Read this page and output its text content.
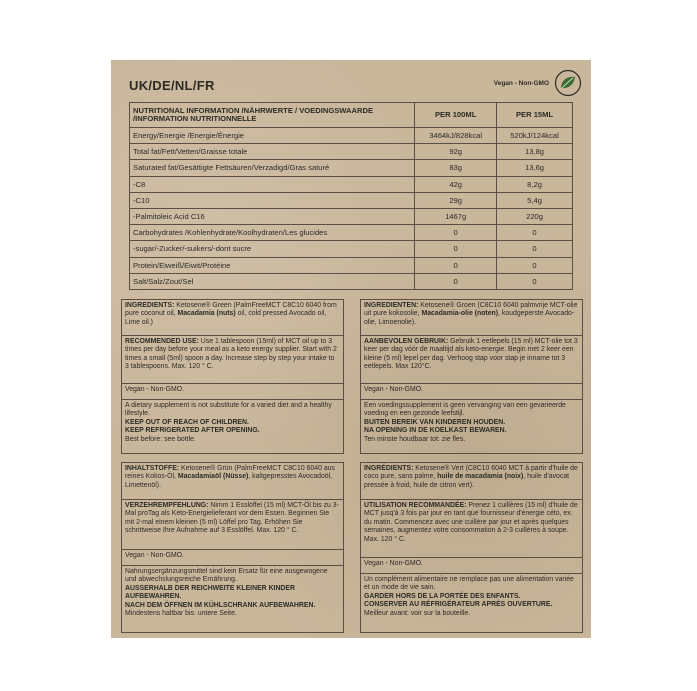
UK/DE/NL/FR	Vegan - Non-GMO
NUTRITIONAL INFORMATION /NÄHRWERTE / VOEDINGSWAARDE /INFORMATION NUTRITIONNELLE	PER 100ML	PER 15ML
Energy/Energie /Energie/Énergie	3464kJ/828kcal	520kJ/124kcal
Total fat/Fett/Vetten/Graisse totale	92g	13,8g
Saturated fat/Gesättigte Fettsäuren/Verzadigd/Gras saturé	83g	13,6g
-C8	42g	8,2g
-C10	29g	5,4g
-Palmitoleic Acid C16	1467g	220g
Carbohydrates /Kohlenhydrate/Koolhydraten/Les glucides	0	0
-sugar/-Zucker/-suikers/-dont sucre	0	0
Protein/Eiweiß/Eiwit/Protéine	0	0
Salt/Salz/Zout/Sel	0	0
INGREDIENTS: Ketosene® Green (PalmFreeMCT C8C10 6040 from pure coconut oil, Macadamia (nuts) oil, cold pressed Avocado oil, Lime oil.)
RECOMMENDED USE: Use 1 tablespoon (15ml) of MCT oil up to 3 times per day before your meal as a keto energy supplier. Start with 2 times a small (5ml) spoon a day. Increase step by step your intake to 3 tablespoons. Max. 120 ° C.
Vegan - Non-GMO.
A dietary supplement is not substitute for a varied diet and a healthy lifestyle.
KEEP OUT OF REACH OF CHILDREN.
KEEP REFRIGERATED AFTER OPENING.
Best before: see bottle.
INGREDIENTEN: Ketosene® Groen (C8C10 6040 palmvrije MCT-olie uit pure kokosolie, Macadamia-olie (noten), koudgeperste Avocado-olie, Limoenolie).
AANBEVOLEN GEBRUIK: Gebruik 1 eetlepels (15 ml) MCT-olie tot 3 keer per dag vóór de maaltijd als keto-energie. Begin met 2 keer een kleine (5 ml) lepel per dag. Verhoog stap voor stap je inname tot 3 eetlepels. Max 120°C.
Vegan - Non-GMO.
Een voedingssupplement is geen vervanging van een gevarieerde voeding en een gezonde leefstijl.
BUITEN BEREIK VAN KINDEREN HOUDEN.
NA OPENING IN DE KOELKAST BEWAREN.
Ten minste houdbaar tot: zie fles.
INHALTSTOFFE: Ketosene® Grün (PalmFreeMCT C8C10 6040 aus reines Kokos-Öl, Macadamiaöl (Nüsse), kaltgepresstes Avocadoöl, Limettenöl).
VERZEHREMPFEHLUNG: Nimm 1 Esslöffel (15 ml) MCT-Öl bis zu 3-Mal proTag als Keto-Energielieferant vor dem Essen. Beginnen Sie mit 2-mal einem kleinen (5 ml) Löffel pro Tag. Erhöhen Sie schrittweise Ihre Aufnahme auf 3 Esslöffel. Max. 120 ° C.
Vegan - Non-GMO.
Nahrungsergänzungsmittel sind kein Ersatz für eine ausgewogene und abwechslungsreiche Ernährung.
AUSSERHALB DER REICHWEITE KLEINER KINDER AUFBEWAHREN.
NACH DEM ÖFFNEN IM KÜHLSCHRANK AUFBEWAHREN.
Mindestens haltbar bis: untere Seite.
INGRÉDIENTS: Ketosene® Vert (C8C10 6040 MCT à partir d'huile de coco pure, sans palme, huile de macadamia (noix), huile d'avocat pressée à froid, huile de citron vert).
UTILISATION RECOMMANDÉE: Prenez 1 cuillères (15 ml) d'huile de MCT jusq'à 3 fois par jour en tant que fournisseur d'énergie céto, ex. du matin. Commencez avec une cuillère par jour et après quelques semaines, augmentez votre consommation à 2-3 cuillères à soupe. Max. 120 ° C.
Vegan - Non-GMO.
Un complément alimentaire ne remplace pas une alimentation variée et un mode de vie sain.
GARDER HORS DE LA PORTÉE DES ENFANTS.
CONSERVER AU RÉFRIGÉRATEUR APRÈS OUVERTURE.
Meilleur avant: voir sur la bouteille.
